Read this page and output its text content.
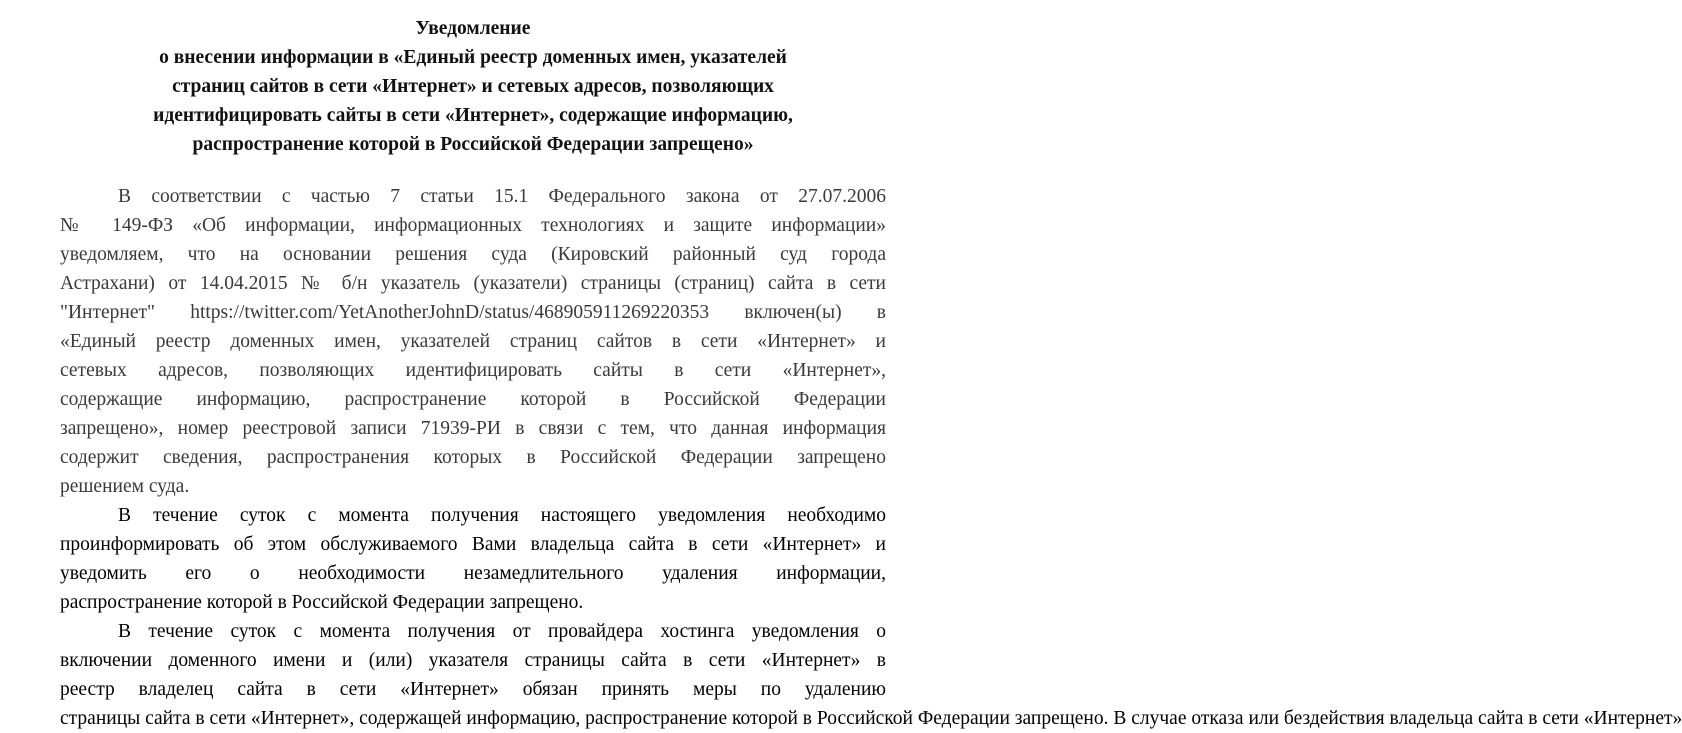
Уведомление
о внесении информации в «Единый реестр доменных имен, указателей
страниц сайтов в сети «Интернет» и сетевых адресов, позволяющих
идентифицировать сайты в сети «Интернет», содержащие информацию,
распространение которой в Российской Федерации запрещено»

В соответствии с частью 7 статьи 15.1 Федерального закона от 27.07.2006
№ 149-ФЗ «Об информации, информационных технологиях и защите информации»
уведомляем, что на основании решения суда (Кировский районный суд города
Астрахани) от 14.04.2015 № б/н указатель (указатели) страницы (страниц) сайта в сети
"Интернет" https://twitter.com/YetAnotherJohnD/status/468905911269220353 включен(ы) в
«Единый реестр доменных имен, указателей страниц сайтов в сети «Интернет» и
сетевых адресов, позволяющих идентифицировать сайты в сети «Интернет»,
содержащие информацию, распространение которой в Российской Федерации
запрещено», номер реестровой записи 71939-РИ в связи с тем, что данная информация
содержит сведения, распространения которых в Российской Федерации запрещено
решением суда.

В течение суток с момента получения настоящего уведомления необходимо
проинформировать об этом обслуживаемого Вами владельца сайта в сети «Интернет» и
уведомить его о необходимости незамедлительного удаления информации,
распространение которой в Российской Федерации запрещено.

В течение суток с момента получения от провайдера хостинга уведомления о
включении доменного имени и (или) указателя страницы сайта в сети «Интернет» в
реестр владелец сайта в сети «Интернет» обязан принять меры по удалению
страницы сайта в сети «Интернет», содержащей информацию, распространение которой в Российской Федерации запрещено. В случае отказа или бездействия владельца сайта в сети «Интернет»
